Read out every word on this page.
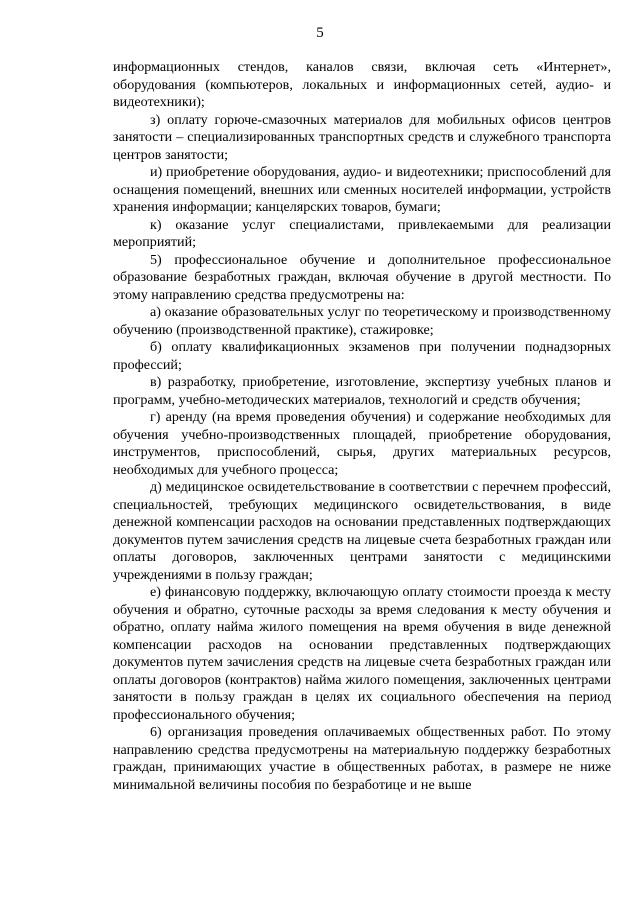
5

информационных стендов, каналов связи, включая сеть «Интернет», оборудования (компьютеров, локальных и информационных сетей, аудио- и видеотехники);

з) оплату горюче-смазочных материалов для мобильных офисов центров занятости – специализированных транспортных средств и служебного транспорта центров занятости;

и) приобретение оборудования, аудио- и видеотехники; приспособлений для оснащения помещений, внешних или сменных носителей информации, устройств хранения информации; канцелярских товаров, бумаги;

к) оказание услуг специалистами, привлекаемыми для реализации мероприятий;

5) профессиональное обучение и дополнительное профессиональное образование безработных граждан, включая обучение в другой местности. По этому направлению средства предусмотрены на:

а) оказание образовательных услуг по теоретическому и производственному обучению (производственной практике), стажировке;

б) оплату квалификационных экзаменов при получении поднадзорных профессий;

в) разработку, приобретение, изготовление, экспертизу учебных планов и программ, учебно-методических материалов, технологий и средств обучения;

г) аренду (на время проведения обучения) и содержание необходимых для обучения учебно-производственных площадей, приобретение оборудования, инструментов, приспособлений, сырья, других материальных ресурсов, необходимых для учебного процесса;

д) медицинское освидетельствование в соответствии с перечнем профессий, специальностей, требующих медицинского освидетельствования, в виде денежной компенсации расходов на основании представленных подтверждающих документов путем зачисления средств на лицевые счета безработных граждан или оплаты договоров, заключенных центрами занятости с медицинскими учреждениями в пользу граждан;

е) финансовую поддержку, включающую оплату стоимости проезда к месту обучения и обратно, суточные расходы за время следования к месту обучения и обратно, оплату найма жилого помещения на время обучения в виде денежной компенсации расходов на основании представленных подтверждающих документов путем зачисления средств на лицевые счета безработных граждан или оплаты договоров (контрактов) найма жилого помещения, заключенных центрами занятости в пользу граждан в целях их социального обеспечения на период профессионального обучения;

6) организация проведения оплачиваемых общественных работ. По этому направлению средства предусмотрены на материальную поддержку безработных граждан, принимающих участие в общественных работах, в размере не ниже минимальной величины пособия по безработице и не выше
